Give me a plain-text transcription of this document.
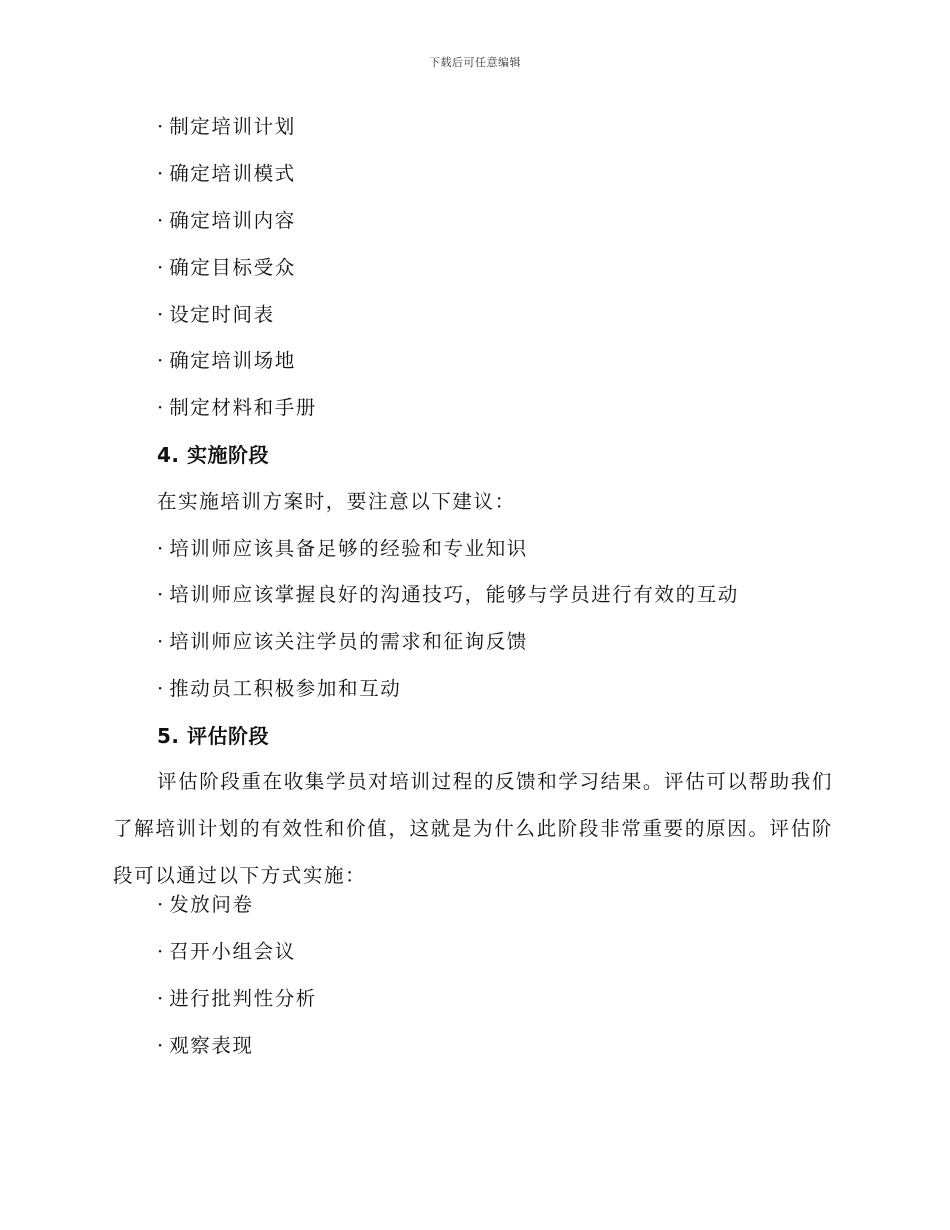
下载后可任意编辑
· 制定培训计划
· 确定培训模式
· 确定培训内容
· 确定目标受众
· 设定时间表
· 确定培训场地
· 制定材料和手册
4. 实施阶段
在实施培训方案时，要注意以下建议：
· 培训师应该具备足够的经验和专业知识
· 培训师应该掌握良好的沟通技巧，能够与学员进行有效的互动
· 培训师应该关注学员的需求和征询反馈
· 推动员工积极参加和互动
5. 评估阶段
评估阶段重在收集学员对培训过程的反馈和学习结果。评估可以帮助我们了解培训计划的有效性和价值，这就是为什么此阶段非常重要的原因。评估阶段可以通过以下方式实施：
· 发放问卷
· 召开小组会议
· 进行批判性分析
· 观察表现
